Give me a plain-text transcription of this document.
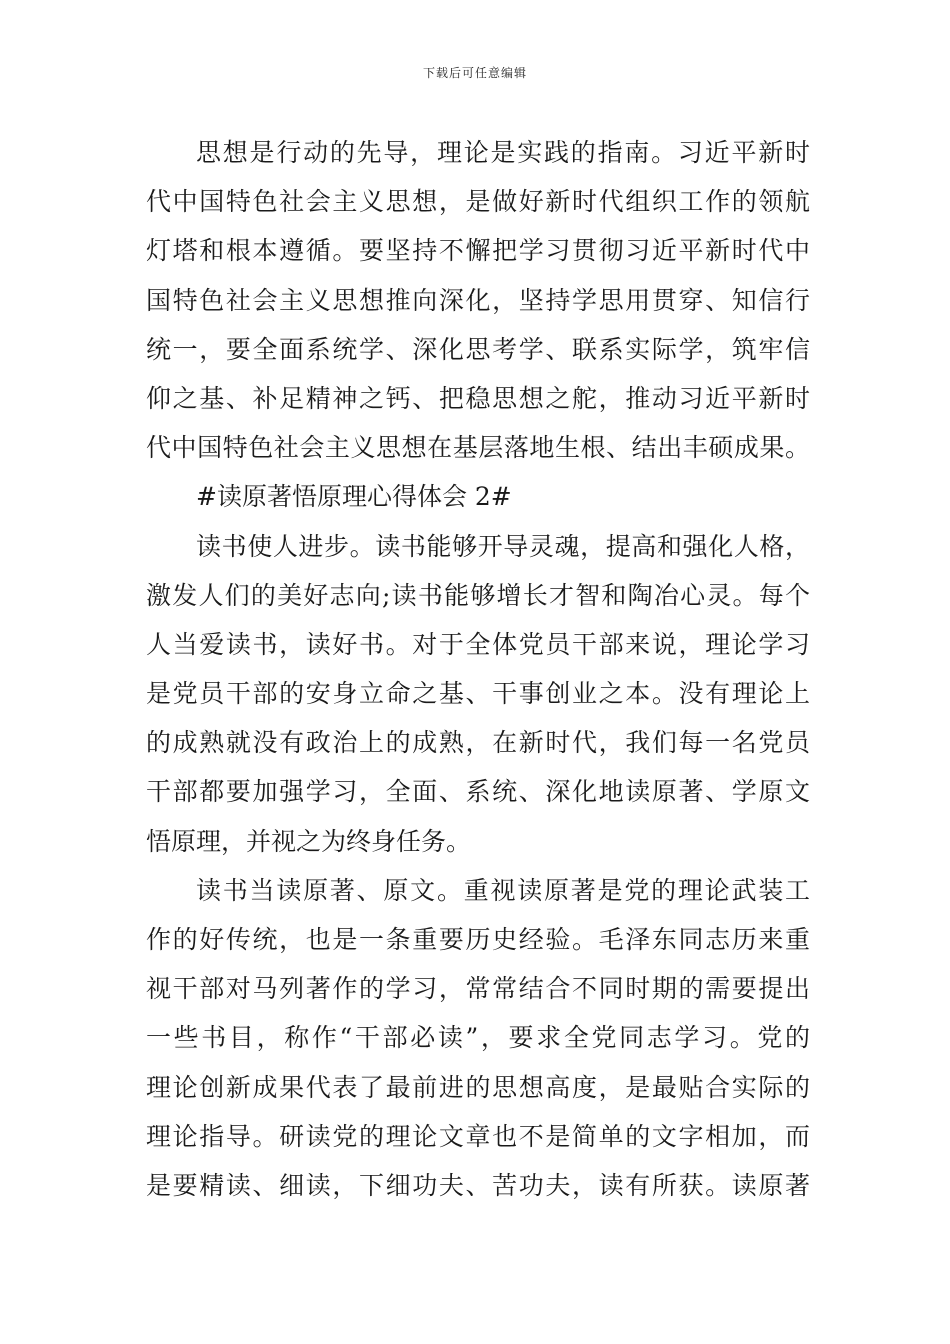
下载后可任意编辑
思想是行动的先导，理论是实践的指南。习近平新时
代中国特色社会主义思想，是做好新时代组织工作的领航
灯塔和根本遵循。要坚持不懈把学习贯彻习近平新时代中
国特色社会主义思想推向深化，坚持学思用贯穿、知信行
统一，要全面系统学、深化思考学、联系实际学，筑牢信
仰之基、补足精神之钙、把稳思想之舵，推动习近平新时
代中国特色社会主义思想在基层落地生根、结出丰硕成果。
#读原著悟原理心得体会 2#
读书使人进步。读书能够开导灵魂，提高和强化人格，
激发人们的美好志向;读书能够增长才智和陶冶心灵。每个
人当爱读书，读好书。对于全体党员干部来说，理论学习
是党员干部的安身立命之基、干事创业之本。没有理论上
的成熟就没有政治上的成熟，在新时代，我们每一名党员
干部都要加强学习，全面、系统、深化地读原著、学原文
悟原理，并视之为终身任务。
读书当读原著、原文。重视读原著是党的理论武装工
作的好传统，也是一条重要历史经验。毛泽东同志历来重
视干部对马列著作的学习，常常结合不同时期的需要提出
一些书目，称作“干部必读”，要求全党同志学习。党的
理论创新成果代表了最前进的思想高度，是最贴合实际的
理论指导。研读党的理论文章也不是简单的文字相加，而
是要精读、细读，下细功夫、苦功夫，读有所获。读原著
